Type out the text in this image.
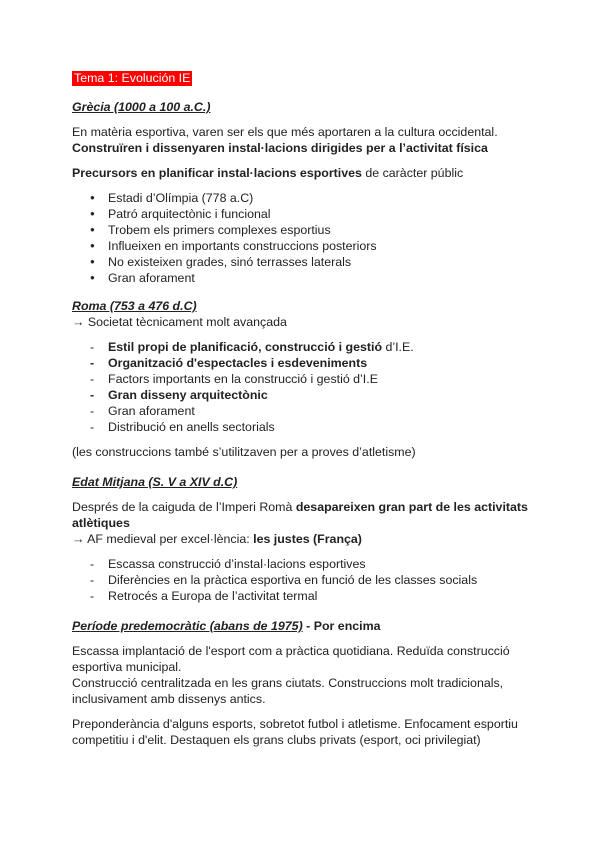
Tema 1: Evolución IE
Grècia (1000 a 100 a.C.)

En matèria esportiva, varen ser els que més aportaren a la cultura occidental.

Construïren i dissenyaren instal·lacions dirigides per a l’activitat física

Precursors en planificar instal·lacions esportives de caràcter públic

● Estadi d’Olímpia (778 a.C)
● Patró arquitectònic i funcional
● Trobem els primers complexes esportius
● Influeixen en importants construccions posteriors
● No existeixen grades, sinó terrasses laterals
● Gran aforament
Roma (753 a 476 d.C)

→ Societat tècnicament molt avançada

- Estil propi de planificació, construcció i gestió d’I.E.
- Organització d'espectacles i esdeveniments
- Factors importants en la construcció i gestió d’I.E
- Gran disseny arquitectònic
- Gran aforament
- Distribució en anells sectorials

(les construccions també s’utilitzaven per a proves d’atletisme)

Edat Mitjana (S. V a XIV d.C)

Després de la caiguda de l’Imperi Romà desapareixen gran part de les activitats atlètiques

→ AF medieval per excel·lència: les justes (França)

- Escassa construcció d’instal·lacions esportives
- Diferències en la pràctica esportiva en funció de les classes socials
- Retrocés a Europa de l’activitat termal
Període predemocràtic (abans de 1975) - Por encima

Escassa implantació de l'esport com a pràctica quotidiana. Reduïda construcció esportiva municipal.

Construcció centralitzada en les grans ciutats. Construccions molt tradicionals, inclusivament amb dissenys antics.

Preponderància d'alguns esports, sobretot futbol i atletisme. Enfocament esportiu competitiu i d'elit. Destaquen els grans clubs privats (esport, oci privilegiat)
